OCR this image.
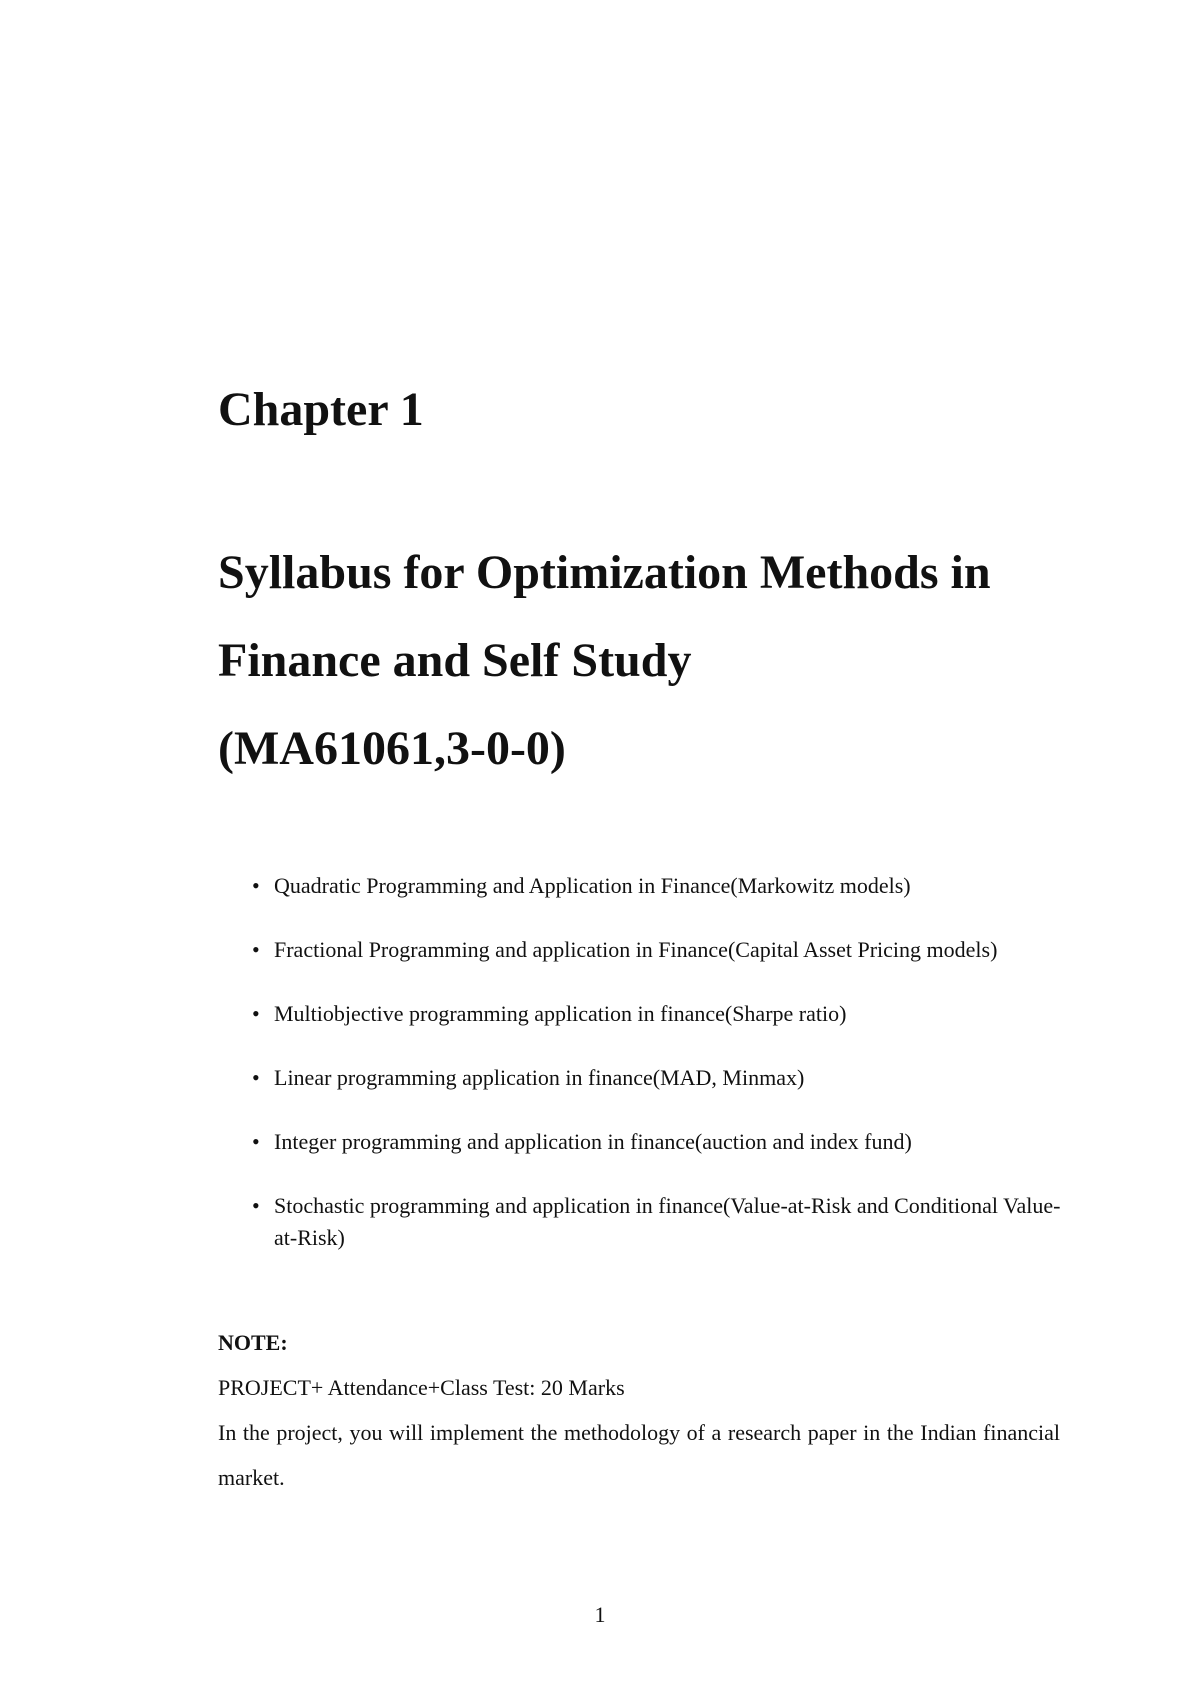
Chapter 1
Syllabus for Optimization Methods in
Finance and Self Study
(MA61061,3-0-0)
• Quadratic Programming and Application in Finance(Markowitz models)
• Fractional Programming and application in Finance(Capital Asset Pricing models)
• Multiobjective programming application in finance(Sharpe ratio)
• Linear programming application in finance(MAD, Minmax)
• Integer programming and application in finance(auction and index fund)
• Stochastic programming and application in finance(Value-at-Risk and Conditional Value-at-Risk)
NOTE:
PROJECT+ Attendance+Class Test: 20 Marks
In the project, you will implement the methodology of a research paper in the Indian financial market.
1
